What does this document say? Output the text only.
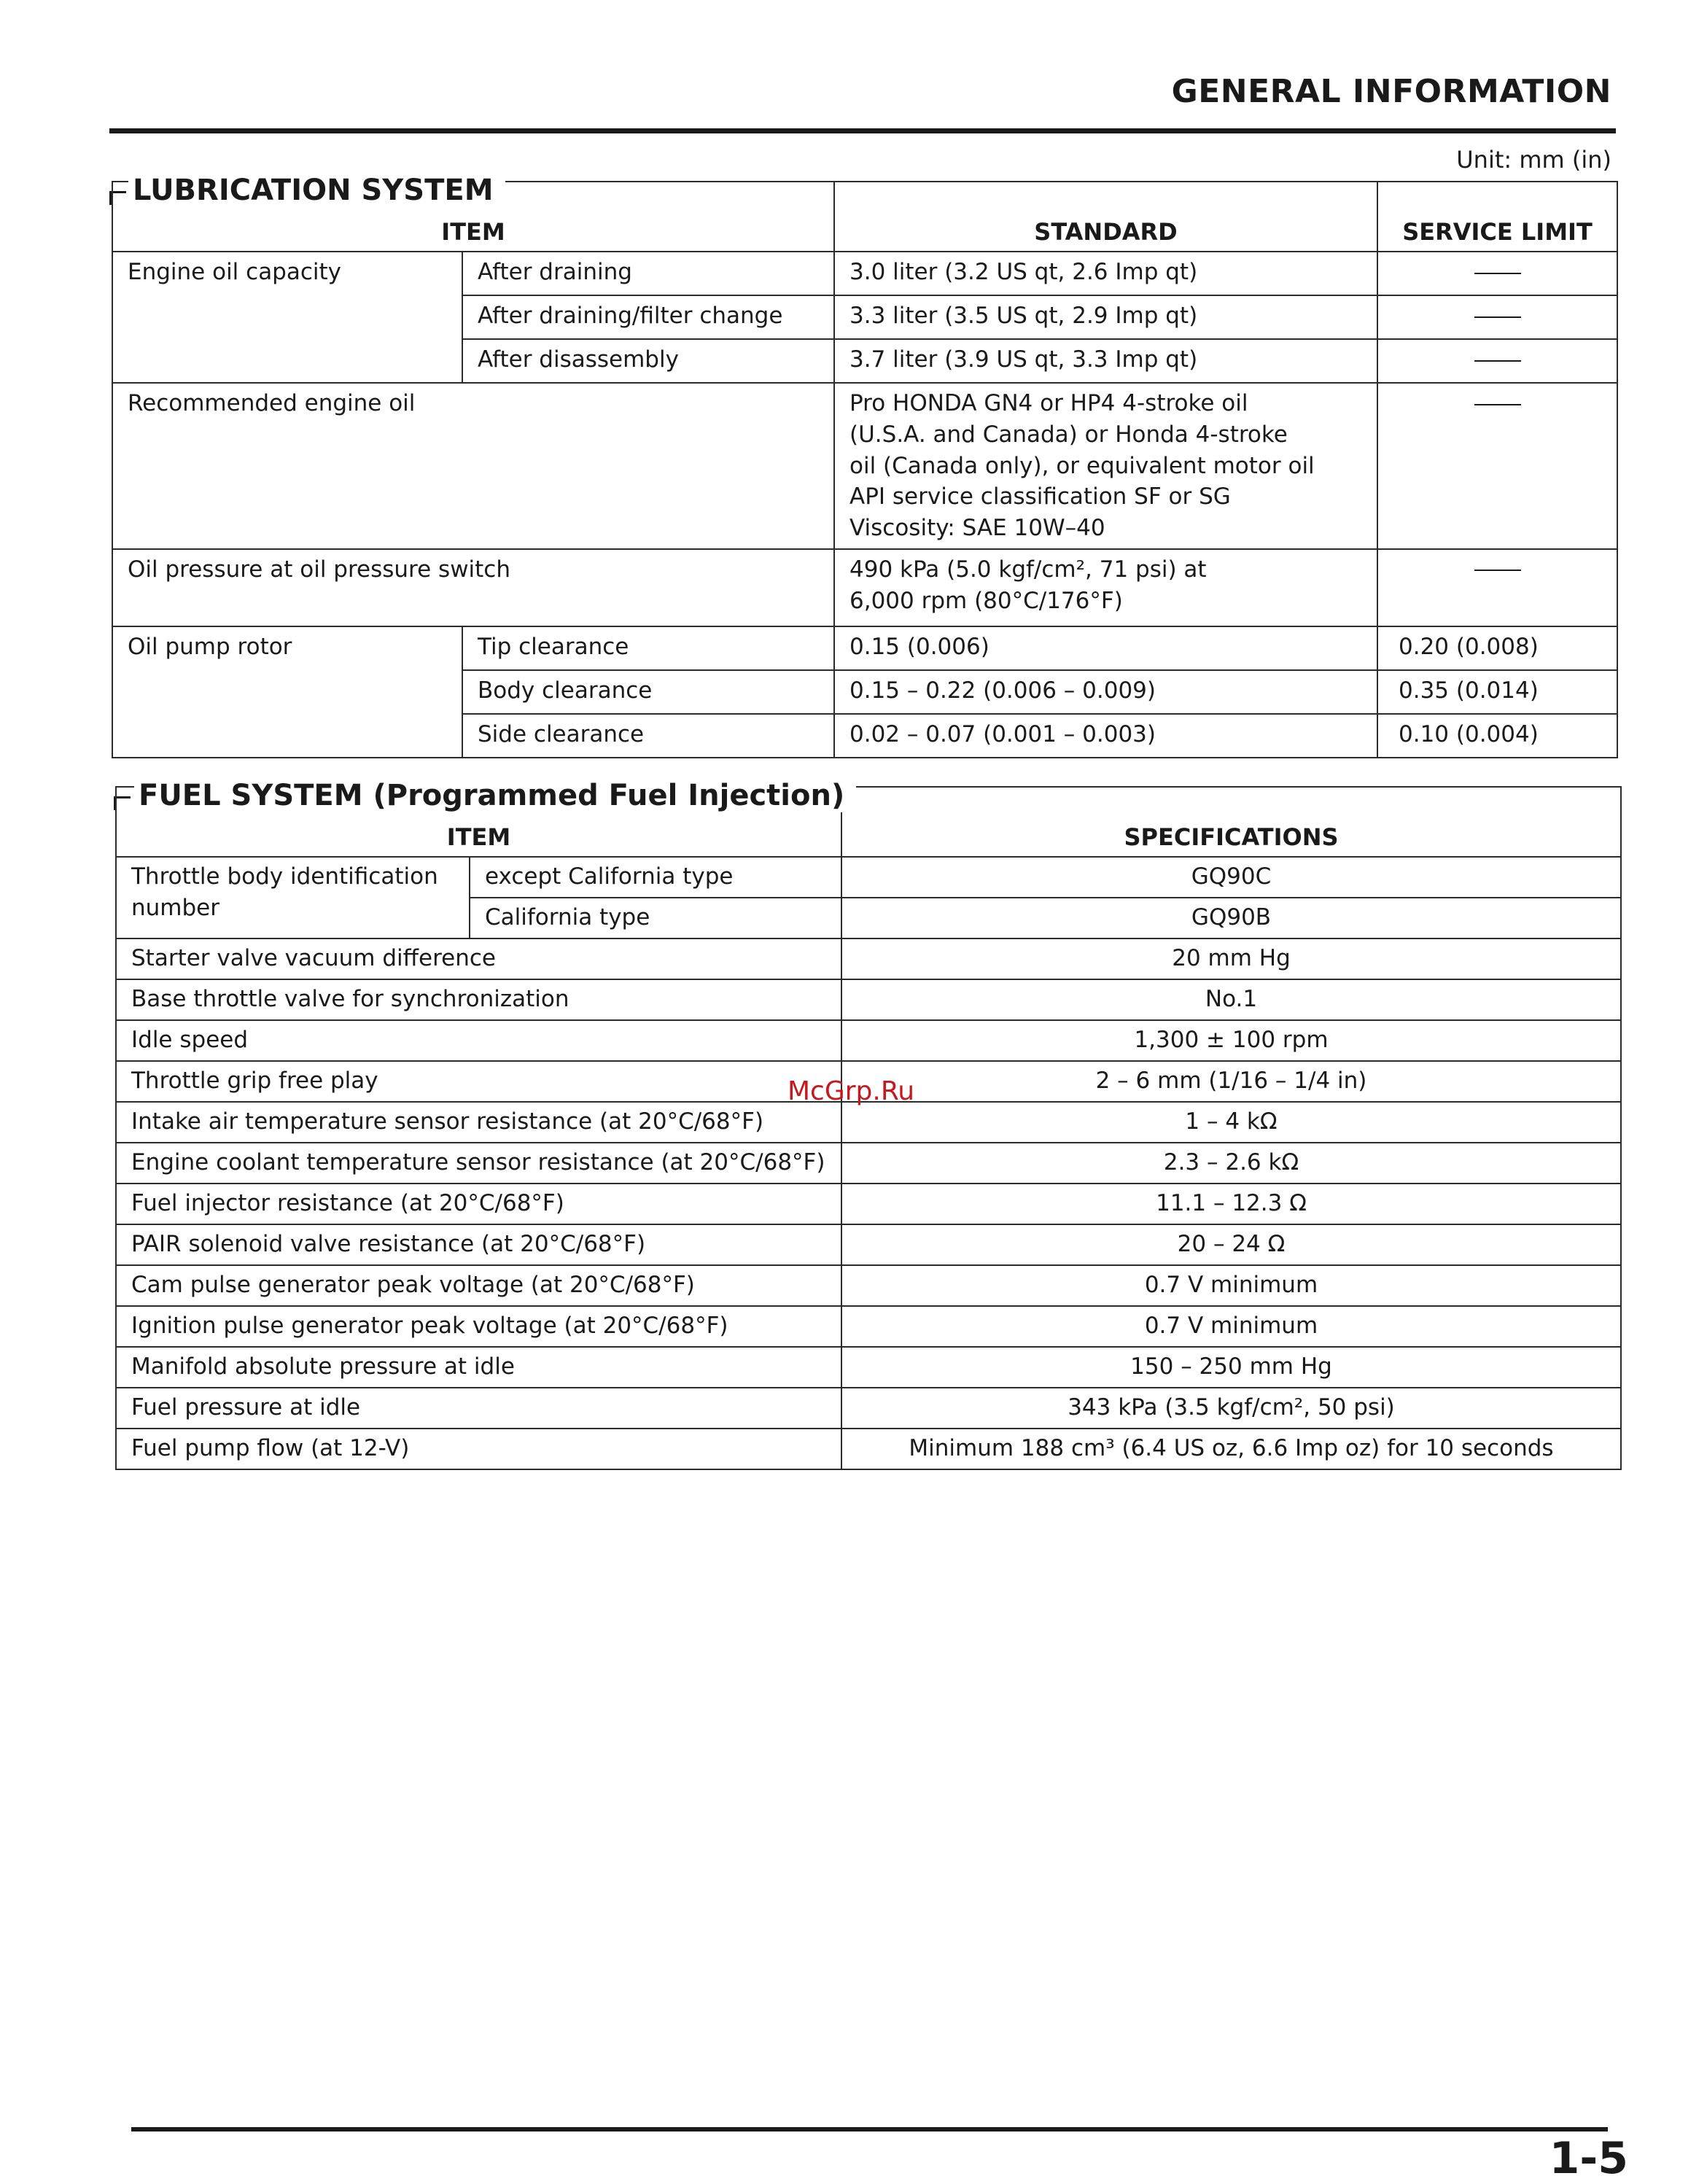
GENERAL INFORMATION
Unit: mm (in)
LUBRICATION SYSTEM
ITEM		STANDARD	SERVICE LIMIT
Engine oil capacity	After draining	3.0 liter (3.2 US qt, 2.6 Imp qt)	
	After draining/filter change	3.3 liter (3.5 US qt, 2.9 Imp qt)	
	After disassembly	3.7 liter (3.9 US qt, 3.3 Imp qt)	
Recommended engine oil		Pro HONDA GN4 or HP4 4-stroke oil
(U.S.A. and Canada) or Honda 4-stroke
oil (Canada only), or equivalent motor oil
API service classification SF or SG
Viscosity: SAE 10W–40	

Oil pressure at oil pressure switch		490 kPa (5.0 kgf/cm², 71 psi) at
6,000 rpm (80°C/176°F)	

Oil pump rotor	Tip clearance	0.15 (0.006)	0.20 (0.008)
	Body clearance	0.15 – 0.22 (0.006 – 0.009)	0.35 (0.014)
	Side clearance	0.02 – 0.07 (0.001 – 0.003)	0.10 (0.004)
FUEL SYSTEM (Programmed Fuel Injection)
ITEM		SPECIFICATIONS
Throttle body identification number	except California type	GQ90C
	California type	GQ90B
Starter valve vacuum difference		20 mm Hg
Base throttle valve for synchronization		No.1
Idle speed		1,300 ± 100 rpm
Throttle grip free play		2 – 6 mm (1/16 – 1/4 in)
Intake air temperature sensor resistance (at 20°C/68°F)		1 – 4 kΩ
Engine coolant temperature sensor resistance (at 20°C/68°F)		2.3 – 2.6 kΩ
Fuel injector resistance (at 20°C/68°F)		11.1 – 12.3 Ω
PAIR solenoid valve resistance (at 20°C/68°F)		20 – 24 Ω
Cam pulse generator peak voltage (at 20°C/68°F)		0.7 V minimum
Ignition pulse generator peak voltage (at 20°C/68°F)		0.7 V minimum
Manifold absolute pressure at idle		150 – 250 mm Hg
Fuel pressure at idle		343 kPa (3.5 kgf/cm², 50 psi)
Fuel pump flow (at 12-V)		Minimum 188 cm³ (6.4 US oz, 6.6 Imp oz) for 10 seconds
McGrp.Ru
1-5
